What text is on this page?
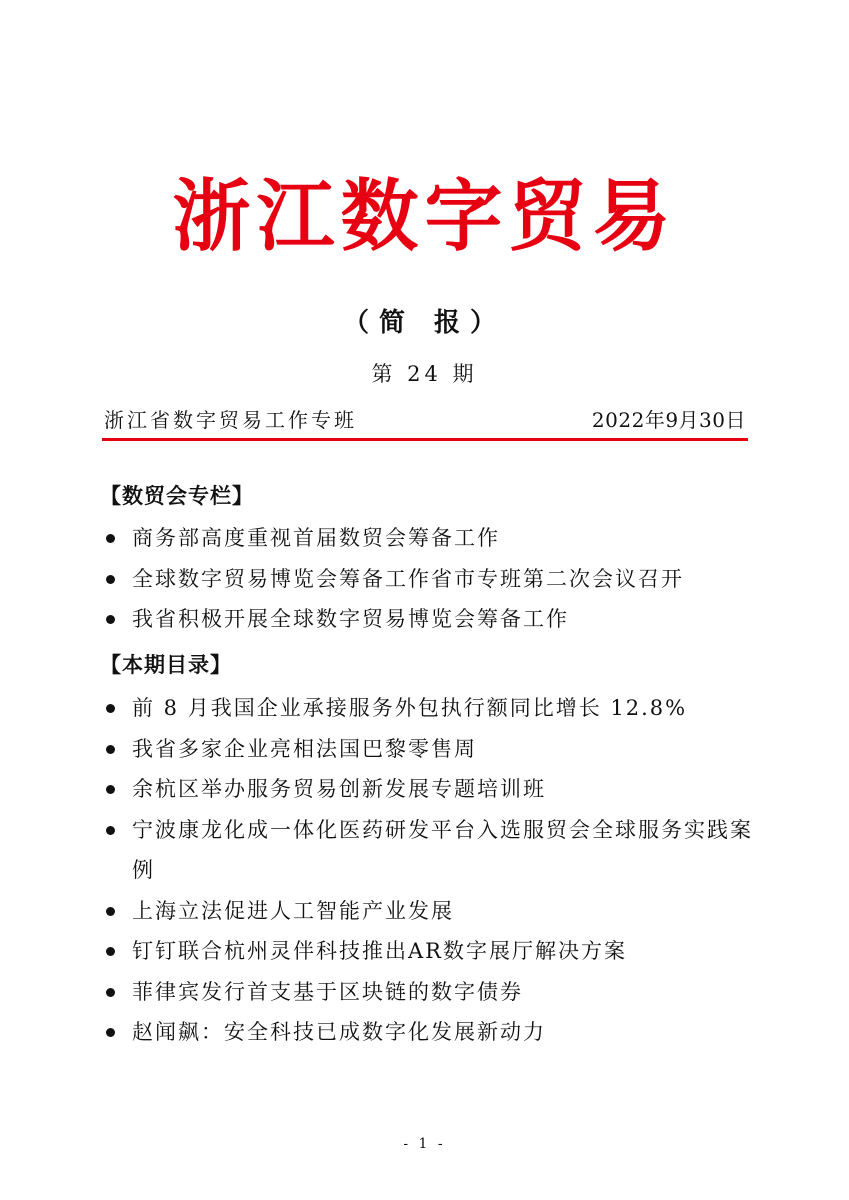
浙江数字贸易
（简 报）
第 24 期
浙江省数字贸易工作专班	2022年9月30日
【数贸会专栏】
商务部高度重视首届数贸会筹备工作
全球数字贸易博览会筹备工作省市专班第二次会议召开
我省积极开展全球数字贸易博览会筹备工作
【本期目录】
前 8 月我国企业承接服务外包执行额同比增长 12.8%
我省多家企业亮相法国巴黎零售周
余杭区举办服务贸易创新发展专题培训班
宁波康龙化成一体化医药研发平台入选服贸会全球服务实践案例
上海立法促进人工智能产业发展
钉钉联合杭州灵伴科技推出AR数字展厅解决方案
菲律宾发行首支基于区块链的数字债券
赵闻飙：安全科技已成数字化发展新动力
- 1 -
